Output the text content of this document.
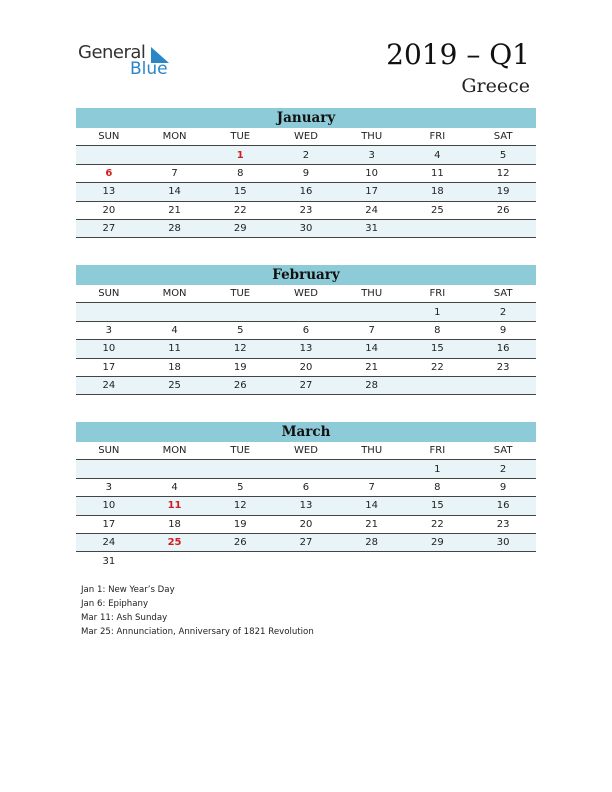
General
Blue	2019 – Q1
Greece
January
SUN	MON	TUE	WED	THU	FRI	SAT
		1	2	3	4	5
6	7	8	9	10	11	12
13	14	15	16	17	18	19
20	21	22	23	24	25	26
27	28	29	30	31		
February
SUN	MON	TUE	WED	THU	FRI	SAT
					1	2
3	4	5	6	7	8	9
10	11	12	13	14	15	16
17	18	19	20	21	22	23
24	25	26	27	28		
March
SUN	MON	TUE	WED	THU	FRI	SAT
					1	2
3	4	5	6	7	8	9
10	11	12	13	14	15	16
17	18	19	20	21	22	23
24	25	26	27	28	29	30
31						
Jan 1: New Year’s Day
Jan 6: Epiphany
Mar 11: Ash Sunday
Mar 25: Annunciation, Anniversary of 1821 Revolution
